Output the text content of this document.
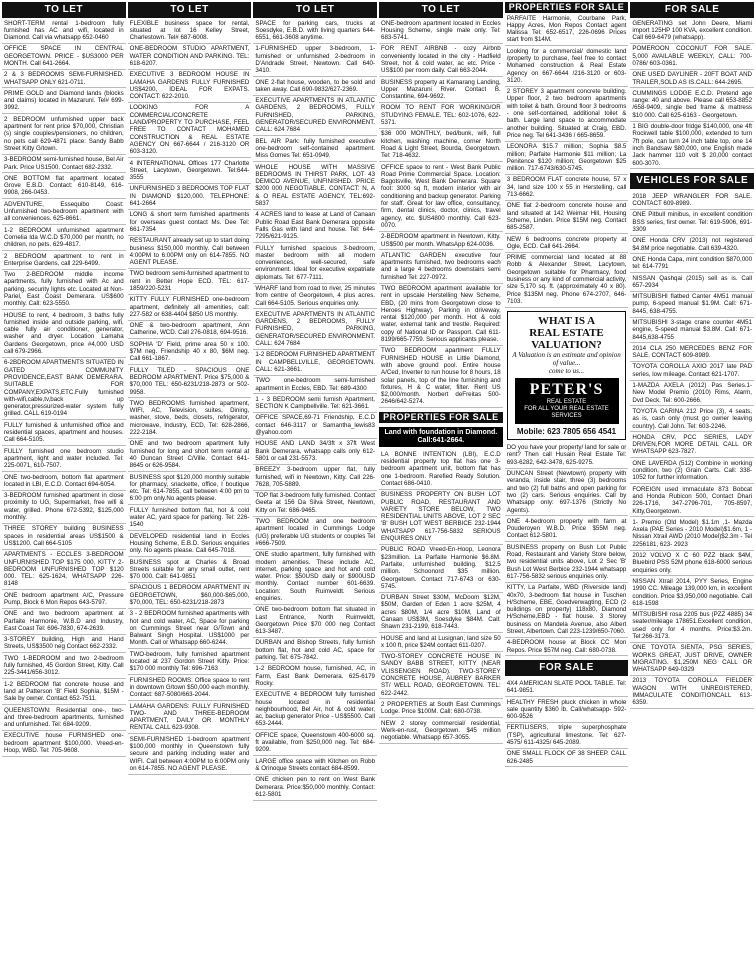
TO LET
SHORT-TERM rental 1-bedroom fully furnished has AC and wifi, located in Diamond. Call via whatsapp 652-0460
OFFICE SPACE IN CENTRAL GEORGETOWN. PRICE - $US3000 PER MONTH. Call 641-2664.
2 & 3 BEDROOMS SEMI-FURNISHED. WHATSAPP ONLY 621-0711.
PRIME GOLD and Diamond lands (blocks and claims) located in Mazaruni. Tel# 699-3992.
2 BEDROOM unfurnished upper back apartment for rent price $70,000, Christian (s) single couples/pensioners, no children, no pets call 629-4871 place: Sandy Babb Street Kitty G/town.
3-BEDROOM semi-furnished house, Bel Air Park. Price US1500. Contact 682-2332.
ONE BOTTOM flat apartment located Grove E.B.D. Contact: 610-8149, 616-9908, 266-0453.
ADVENTURE, Essequibo Coast: Unfurnished two-bedroom apartment with all conveniences. 625-8661.
1-2 BEDROOM unfurnished apartment Cornelia Ida W.C.D $70,000 per month, no children, no pets. 629-4817.
2 BEDROOM apartment to rent in Enterprise Gardens, call 229-6499.
Two 2-BEDROOM middle income apartments, fully furnished with Ac and parking, security lights etc. Located at Non-Pariel, East Coast Demerara. US$600 monthly. Call: 623-5550.
HOUSE to rent, 4 bedroom, 3 baths fully furnished inside and outside parking, wifi, cable fully air conditioner, generator, washer and dryer. Location Lamaha Gardens Georgetown, price #4,000 USD call 679-2966.
6-2BDROOM APARTMENTS SITUATED IN GATED COMMUNITY PROVIDENCE,EAST BANK DEMERARA. SUITABLE FOR COMPANY,EXPATS,ETC.Fully furnished with-wifi,cable,tv,back up generator,pressurized-water system fully grilled. CALL 619-0194
FULLY furnished & unfurnished office and residential spaces, apartment and houses. Call 664-5105.
FULLY furnished one bedroom studio apartment, light and water included. Tel: 225-0071, 610-7507.
ONE two-bedroom, bottom flat apartment located in LBI, E.C.D. Contact 694-6054.
3-BEDROOM furnished apartment in close proximity to UG, Supermarket, free wifi & water, grilled. Phone 672-5392, $125,000 monthly.
THREE STOREY building BUSINESS spaces in residential areas US$1500 & US$1200. Call 664-5105
APARTMENTS - ECCLES 3-BEDROOM UNFURNISHED TOP $175 000, KITTY 2-BEDROOM UNFURNISHED TOP $120 000. TEL: 625-1624, WHATSAPP 226-8148
ONE bedroom apartment A/C, Pressure Pump, Block 6 Mon Repos 643-5797.
ONE and two bedroom apartment at Parfaite Harmonie, W.B.D and Industry, East Coast Tel: 696-7830, 674-2639.
3-STOREY building, High and Hand Streets, US$3500 neg Contact 662-2332.
TWO 1-BEDROOM and two 2-bedroom fully furnished, 45 Gordon Street, Kitty. Call 225-3441/656-3012.
1-2 BEDROOM flat concrete house and land at Patterson 'B' Field Sophia, $15M - Sale by owner. Contact 652-7511.
QUEENSTOWN: Residential one-, two- and three-bedroom apartments, furnished and unfurnished. Tel: 684-9209.
EXECUTIVE house FURNISHED one-bedroom apartment $100,000. Vreed-en-Hoop, WBD. Tel: 705-9608.
TO LET
FLEXIBLE business space for rental, situated at lot 16 Kelley Street, Charlestown. Tel# 687-6008.
ONE-BEDROOM STUDIO APARTMENT, WATER CONDITION AND PARKING. TEL: 618-6207.
EXECUTIVE 3 BEDROOM HOUSE IN LAMAHA GARDENS FULLY FURNISHED US$4200, IDEAL FOR EXPATS. CONTACT: 622-2010.
LOOKING FOR A COMMERCIAL/CONCRETE LAND/PROPERTY TO PURCHASE, FEEL FREE TO CONTACT MOHAMED CONSTRUCTION & REAL ESTATE AGENCY ON 667-6644 / 216-3120 OR 603-3120.
4 INTERNATIONAL Offices 177 Charlotte Street, Lacytown, Georgetown. Tel:644-3555
UNFURNISHED 3 BEDROOMS TOP FLAT IN DIAMOND $120,000. TELEPHONE: 641-2664
LONG & short term furnished apartments for overseas guest contact Ms. Dee Tel: 661-7354
RESTAURANT already set up to start doing business $150,000 monthly. Call between 4:00PM to 6:00PM only on 614-7855. NO AGENT PLEASE.
TWO bedroom semi-furnished apartment to rent in Better Hope ECD. TEL: 617-1859/220-5231
KITTY FULLY FURNISHED one-bedroom apartment, definitely all amenities, call: 227-582 or 638-4404 $850 US monthly.
ONE & two-bedroom apartment, Ann Catherine, WCD. Call 276-0818, 694-9516.
SOPHIA 'D' Field, prime area 50 x 100. $7M neg. Friendship 40 x 80, $6M neg. Call 661-1867.
FULLY TILED - SPACIOUS ONE BEDROOM APARTMENT. Price $75,000 & $70,000 TEL: 650-6231/218-2873 or 502-9958.
TWO BEDROOMS furnished apartment, WIFI, AC, Television, suites, Dining, washer, stove, beds, closets, refrigerator, microwave, Industry, ECD, Tel: 628-2866, 222-2184.
ONE and two bedroom apartment fully furnished for long and short term rental at 40 Duncan Street C/Ville. Contact 641-8645 or 626-9584.
BUSINESS spot $120,000 monthly suitable for pharmacy, snackette, office, I boutique etc. Tel: 614-7855, call between 4:00 pm to 6:00 pm only.No agents please.
FULLY furnished bottom flat, hot & cold water AC, yard space for parking. Tel: 226-1540
DEVELOPED residential land in Eccles Housing Scheme, E.B.D. Serious enquiries only. No agents please. Call 645-7018.
BUSINESS spot at Charles & Broad Streets suitable for any small outlet, rent $70 000. Call: 641-9851
SPACIOUS 1 BEDROOM APARTMENT IN GEORGETOWN, $60,000-$65,000, $70,000, TEL: 650-6231/218-2873
3 - 2 BEDROOM furnished apartments with hot and cold water, AC, Space for parking on Cummings Street near G/Town and Balwant Singh Hospital. US$1000 per Month. Call or Whatsapp 660-6244.
TWO-bedroom, fully furnished apartment located at 237 Gordon Street Kitty. Price: $170 000 monthly Tel: 696-7163
FURNISHED ROOMS: Office space to rent in downtown G/town $50,000 each monthly. Contact: 687-5080/663-2044.
LAMAHA GARDENS: FULLY FURNISHED TWO- AND THREE-BEDROOM APARTMENT, DAILY OR MONTHLY RENTAL CALL 623-9308.
SEMI-FURNISHED 1-bedroom apartment $100,000 monthly in Queenstown fully secure and parking including water and WIFI. Call between 4:00PM to 6:00PM only on 614-7855. NO AGENT PLEASE.
TO LET
SPACE for parking cars, trucks at Soesdyke, E.B.D. with living quarters 644-6551, 661-3608 anytime.
1-FURNISHED upper 3-bedroom, 1-furnished or unfurnished 2-bedroom in D'Andrade Street, Newtown. Call 640-3410.
ONE 2-flat house, wooden, to be sold and taken away. Call 690-9832/627-2369.
EXECUTIVE APARTMENTS IN ATLANTIC GARDENS, 2 BEDROOMS, FULLY FURNISHED, PARKING, GENERATOR/SECURED ENVIRONMENT. CALL: 624 7684
BEL AIR Park: fully furnished executive one-bedroom self-contained apartment. Miss Gomes Tel: 651-0949.
WHOLE HOUSE WITH MASSIVE BEDROOMS IN THIRST PARK, LOT 43 DEMICO AVENUE, UNFINISHED. PRICE $200 000 NEGOTIABLE. CONTACT: N, A & O REAL ESTATE AGENCY, TEL:692-5837
4 ACRES land to lease at Land of Canaan Public Road East Bank Demerara opposite Falls Gas with land and house. Tel: 644-7295/621-9125.
FULLY furnished spacious 3-bedroom, master bedroom with all modern conveniences, well-secured, safe environment. Ideal for executive expatriate diplomats. Tel: 677-7111.
WHARF land from road to river, 25 minutes from centre of Georgetown, 4 plus acres. Call 664-5105. Serious enquiries only.
EXECUTIVE APARTMENTS IN ATLANTIC GARDENS, 2 BEDROOMS, FULLY FURNISHED, PARKING, GENERATOR/SECURED ENVIRONMENT. CALL: 624 7684
1-2 BEDROOM FURNISHED APARTMENT IN CAMPBELLVILLE, GEORGETOWN. CALL: 621-3661.
TWO one-bedroom semi-furnished apartment in Eccles, EBD. Tel: 689-4300
1 - 3 BEDROOM semi furnish Apartment, SECTION K Campbellville. Tel: 621-3661.
OFFICE SPACE,69-71 Friendship, E.C.D contact 646-3117 or Samantha_lewis83 @yahoo.com
HOUSE AND LAND 34/3ft x 37ft West Bank Demerara, whatsapp calls only 612-5801 or call 231-5573.
BREEZY 3-bedroom upper flat, fully furnished, wifi in Newtown, Kitty. Call 226-7628, 705-5889.
TOP flat 3-bedroom fully furnished. Contact Geeta at 156 Da Silva Street, Newtown, Kitty on Tel: 686-9465.
TWO BEDROOM and one bedroom apartment located in Cummings Lodge (UG) preferable UG students or couples Tel #666-7509.
ONE studio apartment, fully furnished with modern amenities. These include AC, internet, parking space and hot and cold water. Price: $50USD daily or $900USD monthly. Contact number 601-6639. Location: South Ruimveldt. Serious enquiries.
ONE two-bedroom bottom flat situated in Last Entrance, North Ruimveldt, Georgetown Price $70 000 neg Contact 613-3487.
DURBAN and Bishop Streets, fully furnish bottom flat, hot and cold AC, space for parking. Tel: 675-7842.
1-2 BEDROOM house, furnished, AC, in Farm, East Bank Demerara. 625-6179 Rocky.
EXECUTIVE 4 BEDROOM fully furnished house located in residential neighbourhood, Bel Air, hot & cold water, ac, backup generator Price - US$5500. Call 653-2444.
OFFICE space, Queenstown 400-6000 sq. ft available, from $250,000 neg. Tel: 684-9209.
LARGE office space with Kitchen on Robb & Orinoque Streets contact 684-8599.
ONE chicken pen to rent on West Bank Demerara. Price:$50,000 monthly. Contact: 612-5801
TO LET
ONE-bedroom apartment located in Eccles Housing Scheme, single male only. Tel: 683-5741.
FOR RENT AIRBNB - cozy Airbnb conveniently located in the city - Hadfield Street, hot & cold water, ac etc. Price - US$100 per room daily. Call 663-2044.
BUSINESS property at Kamarang Landing, Upper Mazaruni River. Contact B. Constantine, 694-9692.
ROOM TO RENT FOR WORKING/OR STUDYING FEMALE. TEL: 602-1076, 622-5371.
$36 000 MONTHLY, bed/bunk, wifi, full kitchen, washing machine, corner North Road & Light Street, Bourda, Georgetown. Tel: 718-4632.
OFFICE space to rent - West Bank Public Road Prime Commercial Space. Location: Bagotsville, West Bank Demerara. Square foot: 3000 sq ft, modern interior with air conditioning and backup generator. Parking for staff. Great for law office, consultancy, firm, dental clinics, doctor, clinics, travel agency, etc. $US4800 monthly. Call 623-0070.
2-BEDROOM apartment in Newtown, Kitty. US$500 per month. WhatsApp 624-0036.
ATLANTIC GARDEN executive four apartments furnished, two bedrooms each and a large 4 bedrooms downstairs semi furnished Tel: 227-0972.
TWO BEDROOM apartment available for rent in upscale Herstelling New Scheme, EBD, (20 mins from Georgetown close to Heroes Highway). Parking in driveway, rental $120,000 per month. Hot & cold water, external tank and trestle. Required: copy of National ID or Passport. Call 611-8199/665-7759. Serious applicants please.
TWO BEDROOM apartment FULLY FURNISHED HOUSE in Little Diamond, with above ground pool. Entire house A/Ced, Inverter to run house for 8 hours, 18 solar panels, top of the line furnishing and fixtures, H & C water, filter. Rent US $2,000/month. Norbert deFreitas 500-2646/642-5274.
PROPERTIES FOR SALE
Land with foundation in Diamond. Call:641-2664.
LA BONNE INTENTION (LBI), E.C.D residential property top flat has one 3-bedroom apartment unit, bottom flat has one 1-bedroom. Rarefied Ready Solution. Contact 686-0410.
BUSINESS PROPERTY ON BUSH LOT PUBLIC ROAD, RESTAURANT AND VARIETY STORE BELOW, TWO RESIDENTIAL UNITS ABOVE, LOT 2 SEC 'B' BUSH LOT WEST BERBICE 232-1944 WHATSAPP 617-756-5832 SERIOUS ENQUIRES ONLY
PUBLIC ROAD Vreed-En-Hoop, Leonora $23million. La Parfaite Harmonie $6.8M. Parfaite, unfurnished building. $12.5 million. Schoonord $35 million. Georgetown. Contact 717-6743 or 630-5745.
D'URBAN Street $30M, McDoom $12M, $50M, Garden of Eden 1 acre $25M, 4 acres $80M, 1/4 acre $10M, Land of Canaan US$3M, Soesdyke $84M. Call: Shawn 231-2199, 618-7443.
HOUSE and land at Lusignan, land size 50 x 100 ft, price $24M contact 611-0207.
TWO-STOREY CONCRETE HOUSE IN SANDY BABB STREET, KITTY (NEAR VLISSENGEN ROAD). TWO-STOREY CONCRETE HOUSE, AUBREY BARKER ST/ WELL ROAD, GEORGETOWN. TEL: 622-2442.
2 PROPERTIES at South East Cummings Lodge. Price $100M. Call: 680-0738.
NEW 2 storey commercial/ residential, Werk-en-rust, Georgetown. $45 million negotiable. Whatsapp 657-3055.
PROPERTIES FOR SALE
PARFAITE Harmonie, Courbane Park, Happy Acres, Mon Repos Contact agent Malissa Tel: 652-6517, 226-0696 Prices start from $14M.
Looking for a commercial/ domestic land /property to purchase, feel free to contact Mohamed construction & Real Estate Agency on 667-6644 /216-3120 or 603-3120.
2 STOREY 3 apartment concrete building. Upper floor, 2 two bedroom apartments with toilet & bath. Ground floor 3 bedrooms - one self-contained, additional toilet & bath. Large land space to accommodate another building. Situated at Craig, EBD. Price neg. Tel 641-3436 / 665-8659.
LEONORA $15.7 million; Sophia $8.5 million; Parfaite Harmonie $11 million; La Penitence $120 million; Georgetown $25 million. 717-6743/630-5745.
3 BEDROOM FLAT concrete house, 57 x 34, land size 100 x 55 in Herstelling, call 713-6662.
ONE flat 2-bedroom concrete house and land situated at 142 Weimar Hill, Housing Scheme, Linden. Price $15M neg. Contact 685-2587.
NEW 6 bedrooms concrete property at Ogle, ECD. Call 641-2664.
PRIME commercial land located at 88 Robb & Alexander Street, Lacytown, Georgetown suitable for Pharmacy, food business or any kind of commercial activity, size 5,170 sq. ft. (approximately 40 x 80). Price $135M neg. Phone 674-2707, 646-7103.
WHAT IS A
REAL ESTATE
VALUATION?
A Valuation is an estimate and opinion of value...
come to us...
PETER'S
REAL ESTATE
FOR ALL YOUR REAL ESTATE SERVICES
Mobile: 623 7805 656 4541
DO you have your property/ land for sale or rent? Then call Husain Real Estate Tel: 693-6282, 642-3478, 625-9275.
DUNCAN Street (Newtown) property with veranda, inside stair, three (3) bedrooms and two (2) full baths and open parking for two (2) cars. Serious enquiries. Call by Whatsapp only: 697-1376 (Strictly No Agents).
ONE 4-bedroom property with farm at Pouderoyen W.B.D. Price $55M neg. Contact 612-5801.
BUSINESS property on Bush Lot Public Road, Restaurant and Variety Store below, two residential units above, Lot 2 Sec 'B' Bush Lot West Berbice 232-1944 whatsapp 617-756-5832 serious enquiries only.
KITTY, La Parfaite, WBD (Riverside land) 40x70, 3-bedroom flat house in Tuschen H/Scheme, EBE, Goedverwagting, ECD (2 buildings on property) 118x80, Diamond H/Scheme,EBD - flat house. 3 Storey business on Mandela Avenue, also Albert Street, Albertown. Call 223-1239/650-7060.
4-BEDROOM house at Block CC Mon Repos. Price $57M neg. Call: 680-0738.
FOR SALE
4X4 AMERICAN SLATE POOL TABLE. Tel: 641-9851.
HEALTHY FRESH pluck chicken in whole sale quantity $360 lb. Call/whatsapp- 592-600-9526
FERTILISERS, triple superphosphate (TSP), agricultural limestone. Tel: 627-4575/ 611-4325/ 645-2089.
ONE SMALL FLOCK OF 38 SHEEP. CALL 626-2485
FOR SALE
GENERATING set John Deere, Miami import 125HP 100 KVA, excellent condition. Call 669-6479 (whatsapp).
POMEROON COCONUT FOR SALE. 5,000 AVAILABLE WEEKLY, CALL: 700-0786/ 603-0361.
ONE USED DAYLINER - 20FT BOAT AND TRAILER,SOLD AS IS.CALL: 644-2695.
CUMMINGS LODGE E.C.D. Pretend age range: 40 and above. Please call 653-8852 /658-9409, single bed frame & mattress $10 000. Call 625-6163 - Georgetown.
1 BIG double-door fridge $140,000, one 4ft Rockwell table $100,000, extended to turn 7ft pole, can turn 24 inch table top, one 14 inch Bandsaw $80,000, one English made Jack hammer 110 volt $ 20,000 contact 600-3070.
VEHICLES FOR SALE
2018 JEEP WRANGLER FOR SALE. CONTACT 609-8989.
ONE Pitbull minibus, in excellent condition BSS series, first owner. Tel: 619-5906, 691-3309
ONE Honda CRV (2013) not registered $4.8M price negotiable. Call 639-4320.
ONE Honda Capa, mint condition $870,000 tel: 614-7791
NISSAN Qashqai (2015) sell as is. Call 657-2934
MITSUBISHI flatbed Canter 4M51 manual pump, 6-speed manual $1.9M. Call: 671-8445, 638-4755.
MITSUBISHI 3-stage crane counter 4M51 engine, 5-speed manual $3.8M. Call: 671-8445,638-4755
2014 CLA 250 MERCEDES BENZ FOR SALE. CONTACT 609-8989.
TOYOTA COROLLA AXIO 2017 late PAD series, low mileage. Contact 621-1707.
1-MAZDA AXELA (2012) Pas Series.1- New Model Premio (2010) Rims, Alarm, Dvd Deck. Tel: 600-2666.
TOYOTA CARINA 212 Price (3), 4 seats, as is, cash only (must go owner leaving country). Call John. Tel: 603-2246.
HONDA CRV, PCC SERIES, LADY DRIVEN,FOR MORE DETAIL CALL OR WHATSAPP 623-7827.
ONE LAVERDA (512) Combine in working condition, two (2) Grain Carts. Call: 338-1052 for further information.
FOREIGN used immaculate 873 Bobcat and Honda Rubicon 500, Contact Dhari 226-1716, 347-2796-701, 705-8597, Kitty,Georgetown.
1- Premio (Old Model) $1.1m ,1- Mazda Axela (PAE Series - 2010 Model)$1.6m, 1 - Nissan Xtrail AWD (2010 Model)$2.3m - Tel 2256181, 623- 2923
2012 VOLVO X C 60 PZZ black $4M, Bluebird PSS 52M phone 618-6000 serious enquiries only.
NISSAN Xtrail 2014, PYY Series, Engine 1990 CC. Mileage 139,000 km, in excellent condition. Price $3,950,000 negotiable. Call 618-1598
MITSUBISHI rosa 2205 bus (PZZ 4885) 34 seater/mileage 178651.Excellent condition, used only for 4 months. Price:$3.2m. Tel:266-3173.
ONE TOYOTA SIENTA, PSG SERIES, WORKS GREAT, JUST DRIVE, OWNER MIGRATING. $1,250M NEG CALL OR WHATSAPP 649-0329
2013 TOYOTA COROLLA FIELDER WAGON WITH UNREGISTERED, IMMACULATE CONDITIONCALL 613-6359.
